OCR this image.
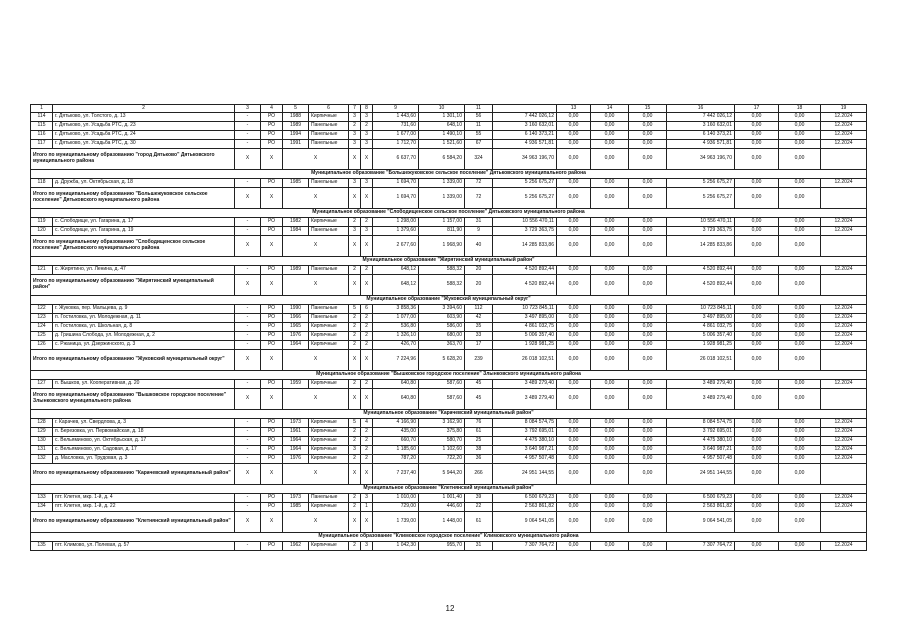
1	2	3	4	5	6	7	8	9	10	11		13	14	15	16	17	18	19
114	г. Дятьково, ул. Толстого, д. 13	-	РО	1988	Кирпичные	3	3	1 443,60	1 301,10	56	7 442 026,12	0,00	0,00	0,00	7 442 026,12	0,00	0,00	12.2024
115	г. Дятьково, ул. Усадьба РТС, д. 23	-	РО	1989	Панельные	2	2	731,60	648,10	11	3 160 632,01	0,00	0,00	0,00	3 160 632,01	0,00	0,00	12.2024
116	г. Дятьково, ул. Усадьба РТС, д. 24	-	РО	1994	Панельные	3	3	1 677,00	1 490,10	55	6 140 373,21	0,00	0,00	0,00	6 140 373,21	0,00	0,00	12.2024
117	г. Дятьково, ул. Усадьба РТС, д. 30	-	РО	1991	Панельные	3	3	1 712,70	1 521,60	67	4 936 571,81	0,00	0,00	0,00	4 936 571,81	0,00	0,00	12.2024
Итого по муниципальному образованию "город Дятьково" Дятьковского муниципального района		X	X	X		X	X	6 637,70	6 584,20	324	34 963 196,70	0,00	0,00	0,00	34 963 196,70	0,00	0,00	
Муниципальное образование "Большежуковское сельское поселение" Дятьковского муниципального района																		
118	д. Дружба, ул. Октябрьская, д. 18	-	РО	1985	Панельные	3	3	1 694,70	1 339,00	72	5 256 675,27	0,00	0,00	0,00	5 256 675,27	0,00	0,00	12.2024
Итого по муниципальному образованию "Большежуковское сельское поселение" Дятьковского муниципального района		X	X	X		X	X	1 694,70	1 339,00	72	5 256 675,27	0,00	0,00	0,00	5 256 675,27	0,00	0,00	
Муниципальное образование "Слободищенское сельское поселение" Дятьковского муниципального района																		
119	с. Слободище, ул. Гагарина, д. 17	-	РО	1982	Кирпичные	2	2	1 298,00	1 157,00	31	10 556 470,11	0,00	0,00	0,00	10 556 470,11	0,00	0,00	12.2024
120	с. Слободище, ул. Гагарина, д. 19	-	РО	1984	Панельные	3	3	1 379,60	811,90	9	3 729 363,75	0,00	0,00	0,00	3 729 363,75	0,00	0,00	12.2024
Итого по муниципальному образованию "Слободищенское сельское поселение" Дятьковского муниципального района		X	X	X		X	X	2 677,60	1 968,90	40	14 285 833,86	0,00	0,00	0,00	14 285 833,86	0,00	0,00	
Муниципальное образование "Жирятинский муниципальный район"																		
121	с. Жирятино, ул. Ленина, д. 47	-	РО	1989	Панельные	2	2	648,12	588,32	20	4 520 892,44	0,00	0,00	0,00	4 520 892,44	0,00	0,00	12.2024
Итого по муниципальному образованию "Жирятинский муниципальный район"		X	X	X		X	X	648,12	588,32	20	4 520 892,44	0,00	0,00	0,00	4 520 892,44	0,00	0,00	
Муниципальное образование "Жуковский муниципальный округ"																		
122	г. Жуковка, пер. Мальцева, д. 9	-	РО	1990	Панельные	5	6	3 858,36	3 394,60	112	10 723 845,11	0,00	0,00	0,00	10 723 845,11	0,00	0,00	12.2024
123	п. Гостиловка, ул. Молодежная, д. 11	-	РО	1966	Панельные	2	2	1 077,00	603,90	42	3 497 895,00	0,00	0,00	0,00	3 497 895,00	0,00	0,00	12.2024
124	п. Гостиловка, ул. Школьная, д. 8	-	РО	1965	Кирпичные	2	2	536,80	586,00	35	4 861 032,75	0,00	0,00	0,00	4 861 032,75	0,00	0,00	12.2024
125	д. Гришина Слобода, ул. Молодежная, д. 2	-	РО	1976	Кирпичные	2	2	1 326,10	680,00	33	5 006 357,40	0,00	0,00	0,00	5 006 357,40	0,00	0,00	12.2024
126	с. Ржаница, ул. Дзержинского, д. 3	-	РО	1964	Кирпичные	2	2	426,70	363,70	17	1 928 981,25	0,00	0,00	0,00	1 928 981,25	0,00	0,00	12.2024
Итого по муниципальному образованию "Жуковский муниципальный округ"		X	X	X		X	X	7 224,96	5 628,20	239	26 018 102,51	0,00	0,00	0,00	26 018 102,51	0,00	0,00	
Муниципальное образование "Вышковское городское поселение" Злынковского муниципального района																		
127	п. Вышков, ул. Кооперативная, д. 20	-	РО	1959	Кирпичные	2	2	640,80	587,60	45	3 489 279,40	0,00	0,00	0,00	3 489 279,40	0,00	0,00	12.2024
Итого по муниципальному образованию "Вышковское городское поселение" Злынковского муниципального района		X	X	X		X	X	640,80	587,60	45	3 489 279,40	0,00	0,00	0,00	3 489 279,40	0,00	0,00	
Муниципальное образование "Карачевский муниципальный район"																		
128	г. Карачев, ул. Свердлова, д. 3	-	РО	1973	Кирпичные	5	4	4 166,90	3 162,90	76	8 084 574,75	0,00	0,00	0,00	8 084 574,75	0,00	0,00	12.2024
129	п. Березовка, ул. Первомайская, д. 18	-	РО	1961	Кирпичные	2	2	435,00	375,80	61	3 792 695,01	0,00	0,00	0,00	3 792 695,01	0,00	0,00	12.2024
130	с. Вельяминово, ул. Октябрьская, д. 17	-	РО	1964	Кирпичные	2	2	660,70	580,70	25	4 475 380,10	0,00	0,00	0,00	4 475 380,10	0,00	0,00	12.2024
131	с. Вельяминово, ул. Садовая, д. 17	-	РО	1964	Кирпичные	3	2	1 185,60	1 102,60	38	3 640 987,21	0,00	0,00	0,00	3 640 987,21	0,00	0,00	12.2024
132	д. Масловка, ул. Трудовая, д. 3	-	РО	1976	Кирпичные	2	2	787,20	722,20	36	4 957 507,48	0,00	0,00	0,00	4 957 507,48	0,00	0,00	12.2024
Итого по муниципальному образованию "Карачевский муниципальный район"		X	X	X		X	X	7 237,40	5 944,20	266	24 951 144,55	0,00	0,00	0,00	24 951 144,55	0,00	0,00	
Муниципальное образование "Клетнянский муниципальный район"																		
133	пгт. Клетня, мкр. 1-й, д. 4	-	РО	1973	Панельные	2	3	1 010,00	1 001,40	39	6 500 679,23	0,00	0,00	0,00	6 500 679,23	0,00	0,00	12.2024
134	пгт. Клетня, мкр. 1-й, д. 22	-	РО	1985	Кирпичные	2	1	729,00	446,60	22	2 563 861,82	0,00	0,00	0,00	2 563 861,82	0,00	0,00	12.2024
Итого по муниципальному образованию "Клетнянский муниципальный район"		X	X	X		X	X	1 739,00	1 448,00	61	9 064 541,05	0,00	0,00	0,00	9 064 541,05	0,00	0,00	
Муниципальное образование "Климовское городское поселение" Климовского муниципального района																		
135	пгт. Климово, ул. Полевая, д. 57	-	РО	1962	Кирпичные	2	3	1 042,30	955,70	31	7 307 764,72	0,00	0,00	0,00	7 307 764,72	0,00	0,00	12.2024
12
